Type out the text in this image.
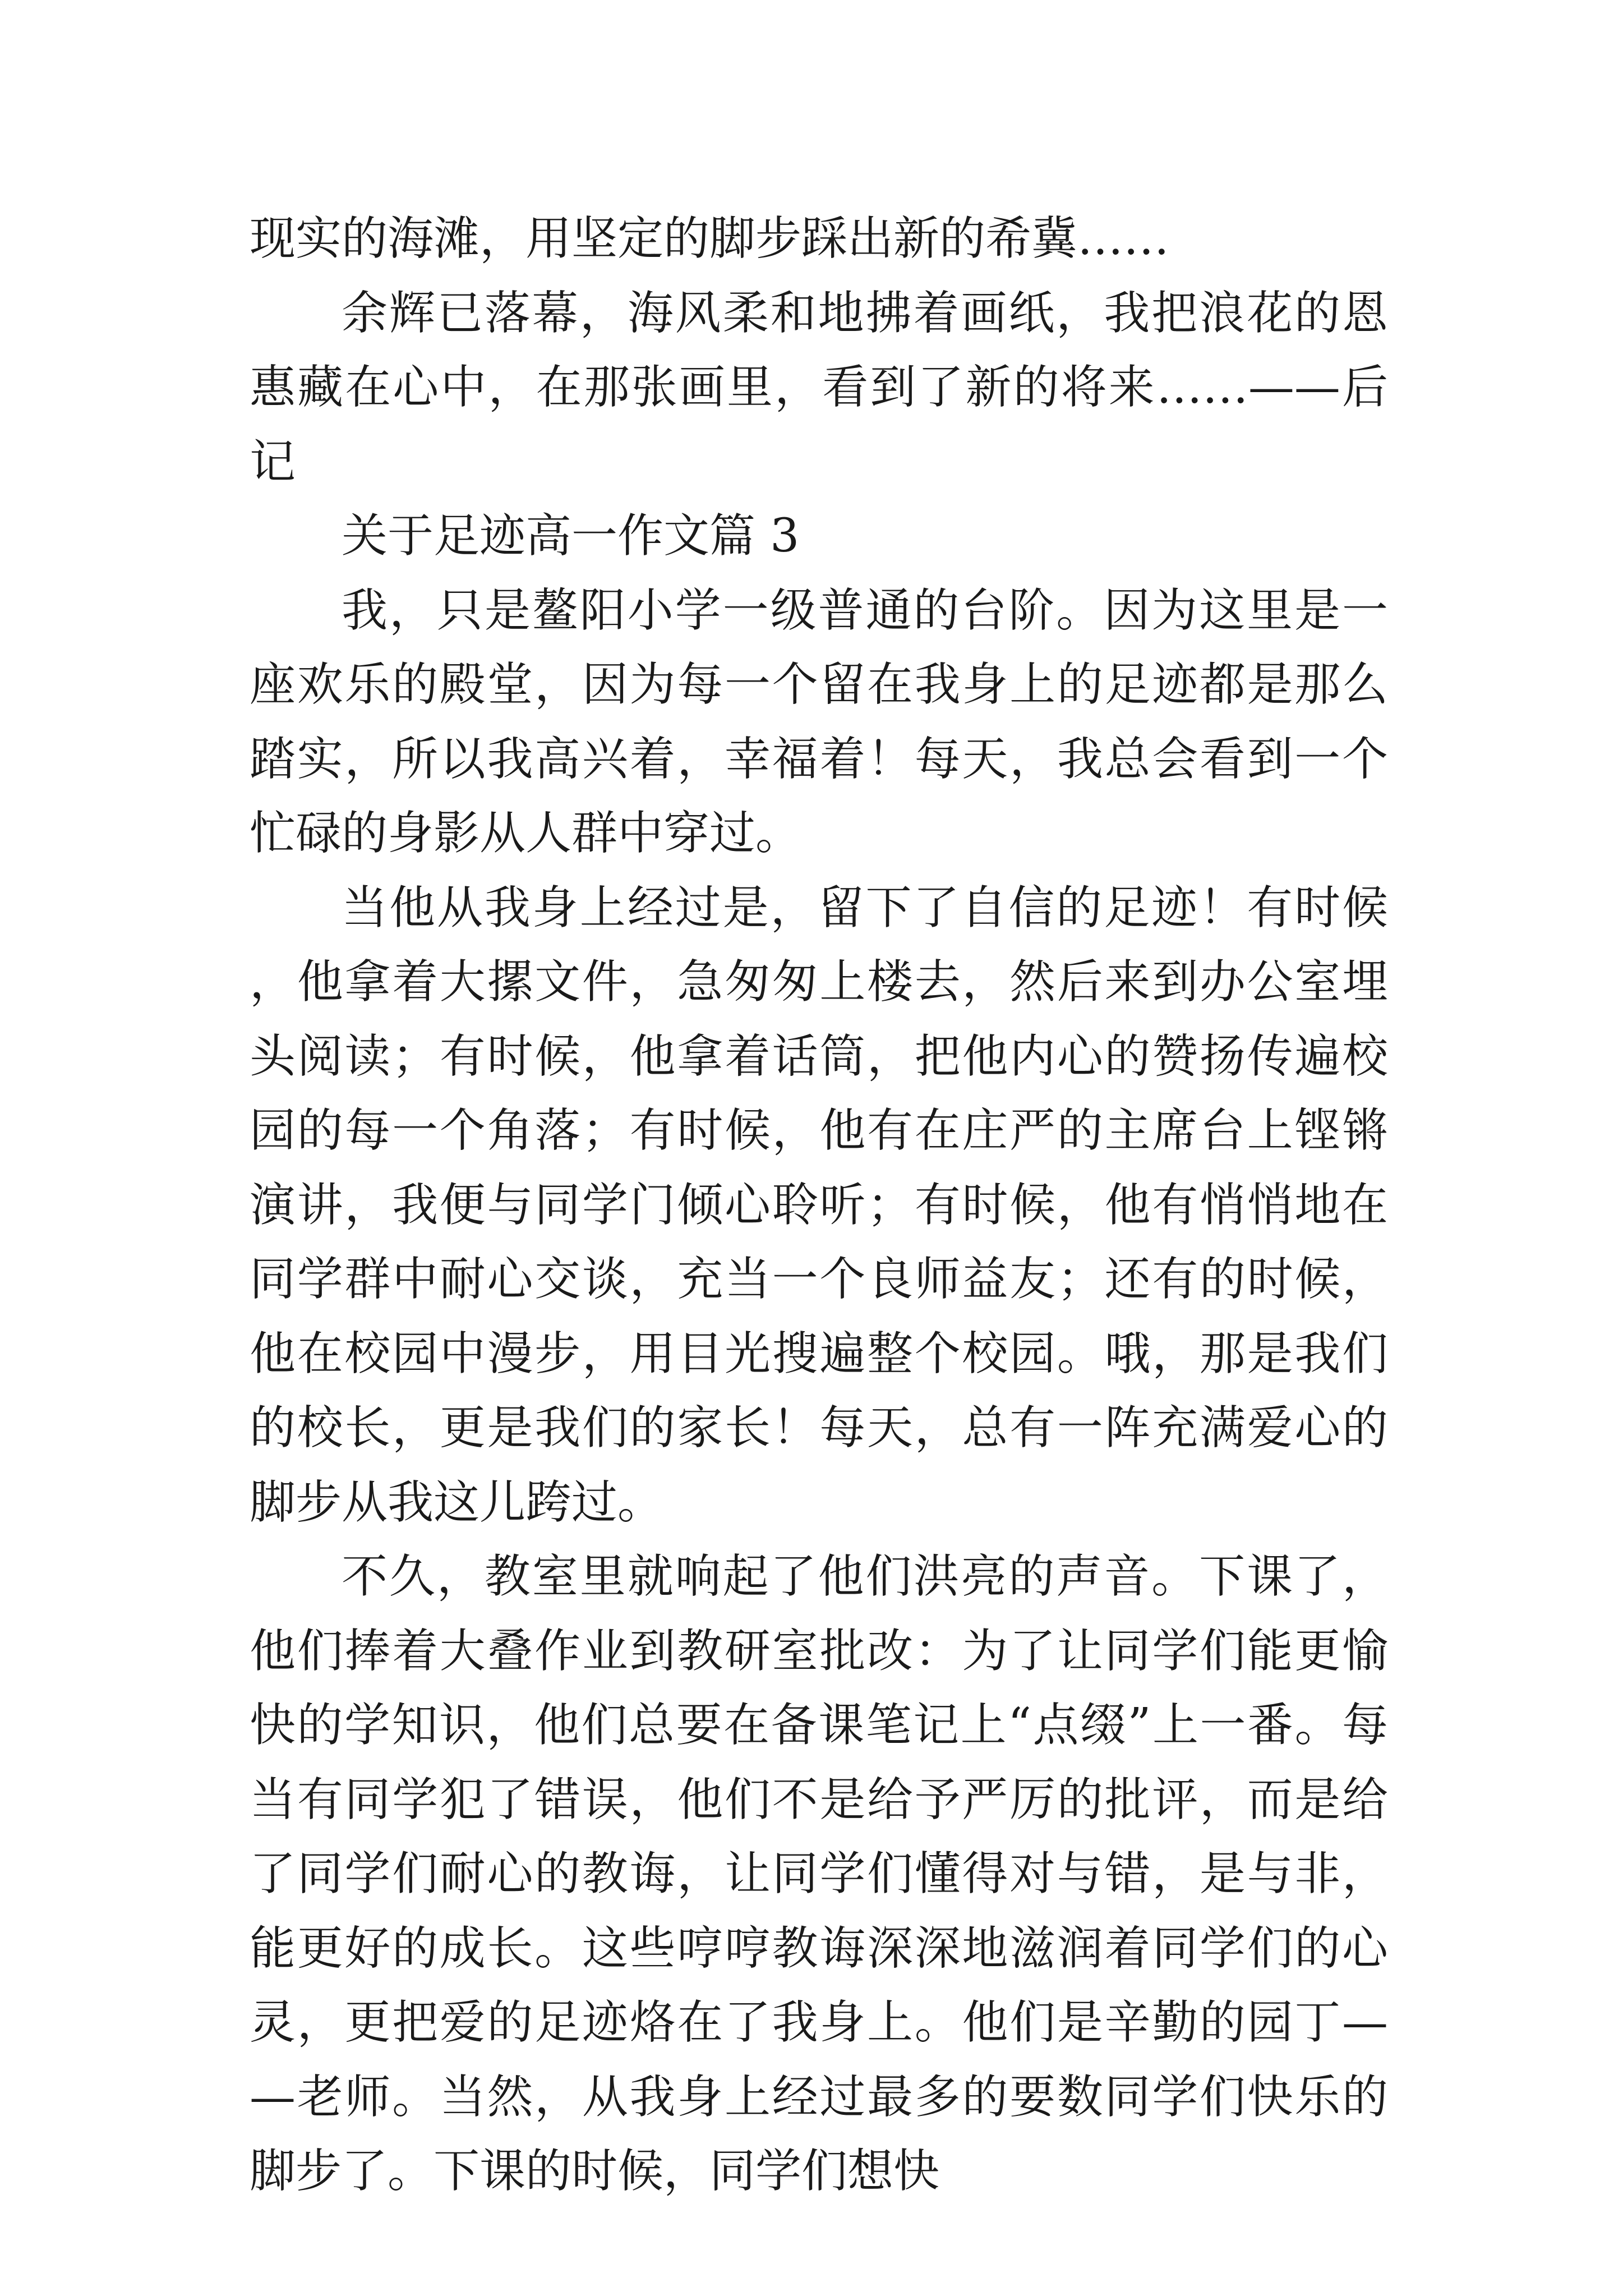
现实的海滩，用坚定的脚步踩出新的希冀……

余辉已落幕，海风柔和地拂着画纸，我把浪花的恩惠藏在心中，在那张画里，看到了新的将来……——后记

关于足迹高一作文篇 3

我，只是鳌阳小学一级普通的台阶。因为这里是一座欢乐的殿堂，因为每一个留在我身上的足迹都是那么踏实，所以我高兴着，幸福着！每天，我总会看到一个忙碌的身影从人群中穿过。

当他从我身上经过是，留下了自信的足迹！有时候，他拿着大摞文件，急匆匆上楼去，然后来到办公室埋头阅读；有时候，他拿着话筒，把他内心的赞扬传遍校园的每一个角落；有时候，他有在庄严的主席台上铿锵演讲，我便与同学门倾心聆听；有时候，他有悄悄地在同学群中耐心交谈，充当一个良师益友；还有的时候，他在校园中漫步，用目光搜遍整个校园。哦，那是我们的校长，更是我们的家长！每天，总有一阵充满爱心的脚步从我这儿跨过。

不久，教室里就响起了他们洪亮的声音。下课了，他们捧着大叠作业到教研室批改：为了让同学们能更愉快的学知识，他们总要在备课笔记上“点缀”上一番。每当有同学犯了错误，他们不是给予严厉的批评，而是给了同学们耐心的教诲，让同学们懂得对与错，是与非，能更好的成长。这些哼哼教诲深深地滋润着同学们的心灵，更把爱的足迹烙在了我身上。他们是辛勤的园丁——老师。当然，从我身上经过最多的要数同学们快乐的脚步了。下课的时候，同学们想快
